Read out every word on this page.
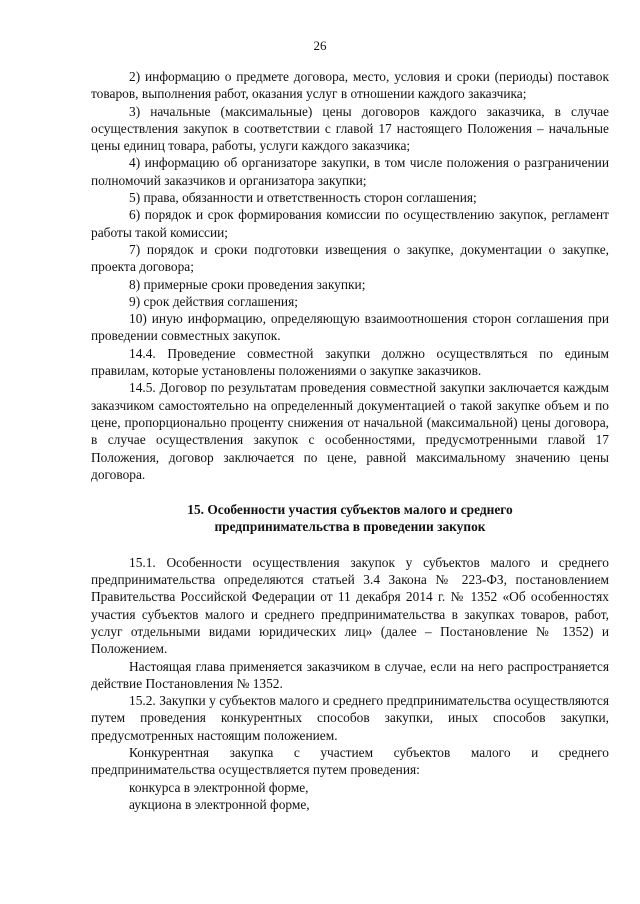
26

2) информацию о предмете договора, место, условия и сроки (периоды) поставок товаров, выполнения работ, оказания услуг в отношении каждого заказчика;

3) начальные (максимальные) цены договоров каждого заказчика, в случае осуществления закупок в соответствии с главой 17 настоящего Положения – начальные цены единиц товара, работы, услуги каждого заказчика;

4) информацию об организаторе закупки, в том числе положения о разграничении полномочий заказчиков и организатора закупки;

5) права, обязанности и ответственность сторон соглашения;

6) порядок и срок формирования комиссии по осуществлению закупок, регламент работы такой комиссии;

7) порядок и сроки подготовки извещения о закупке, документации о закупке, проекта договора;

8) примерные сроки проведения закупки;

9) срок действия соглашения;

10) иную информацию, определяющую взаимоотношения сторон соглашения при проведении совместных закупок.

14.4. Проведение совместной закупки должно осуществляться по единым правилам, которые установлены положениями о закупке заказчиков.

14.5. Договор по результатам проведения совместной закупки заключается каждым заказчиком самостоятельно на определенный документацией о такой закупке объем и по цене, пропорционально проценту снижения от начальной (максимальной) цены договора, в случае осуществления закупок с особенностями, предусмотренными главой 17 Положения, договор заключается по цене, равной максимальному значению цены договора.

15. Особенности участия субъектов малого и среднего
предпринимательства в проведении закупок

15.1. Особенности осуществления закупок у субъектов малого и среднего предпринимательства определяются статьей 3.4 Закона № 223-ФЗ, постановлением Правительства Российской Федерации от 11 декабря 2014 г. № 1352 «Об особенностях участия субъектов малого и среднего предпринимательства в закупках товаров, работ, услуг отдельными видами юридических лиц» (далее – Постановление № 1352) и Положением.

Настоящая глава применяется заказчиком в случае, если на него распространяется действие Постановления № 1352.

15.2. Закупки у субъектов малого и среднего предпринимательства осуществляются путем проведения конкурентных способов закупки, иных способов закупки, предусмотренных настоящим положением.

Конкурентная закупка с участием субъектов малого и среднего предпринимательства осуществляется путем проведения:

конкурса в электронной форме,

аукциона в электронной форме,
